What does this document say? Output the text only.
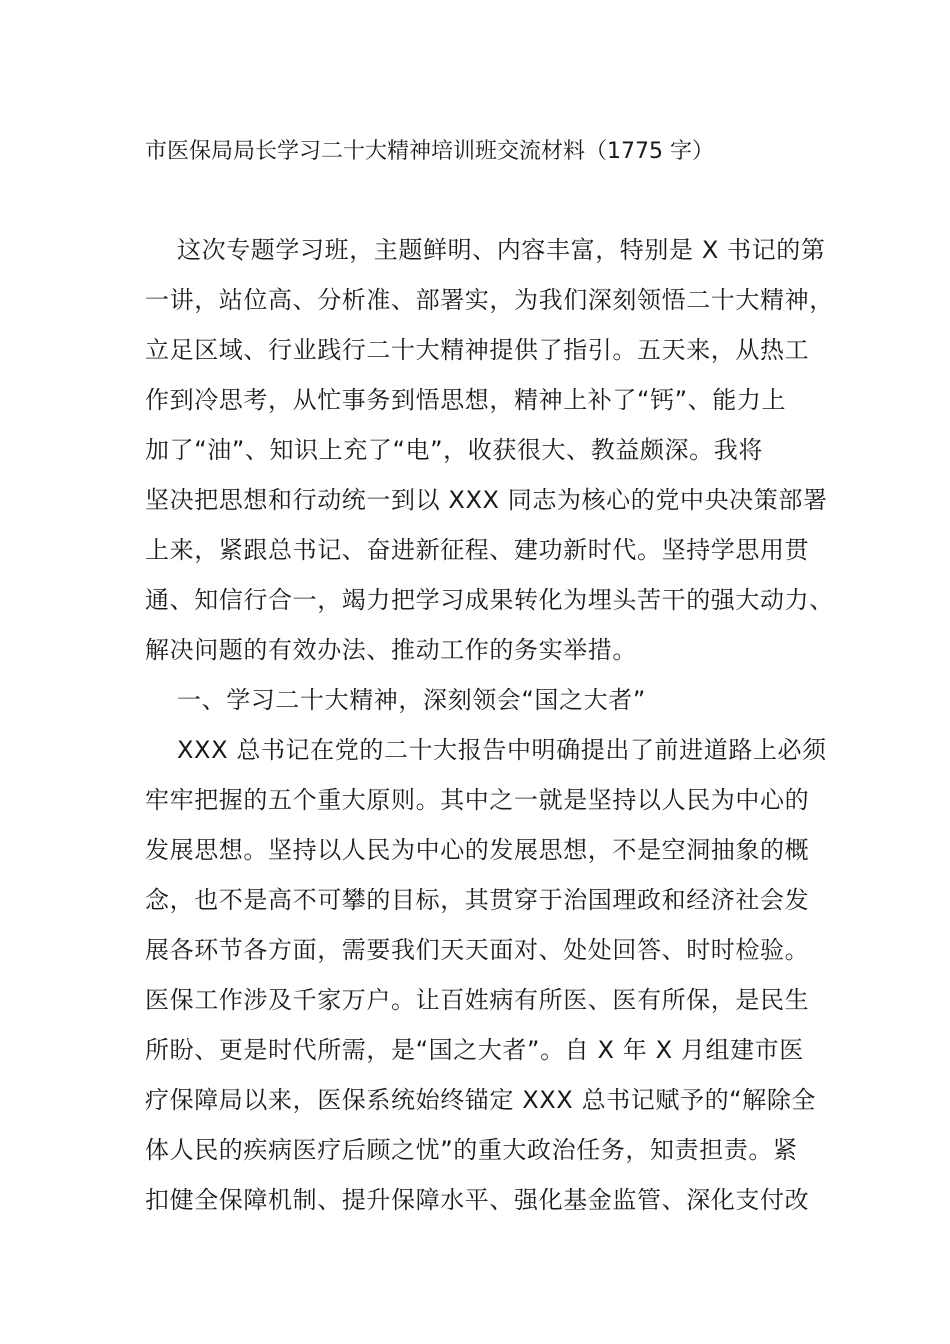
市医保局局长学习二十大精神培训班交流材料（1775 字）
这次专题学习班，主题鲜明、内容丰富，特别是 X 书记的第
一讲，站位高、分析准、部署实，为我们深刻领悟二十大精神，
立足区域、行业践行二十大精神提供了指引。五天来，从热工
作到冷思考，从忙事务到悟思想，精神上补了“钙”、能力上
加了“油”、知识上充了“电”，收获很大、教益颇深。我将
坚决把思想和行动统一到以 XXX 同志为核心的党中央决策部署
上来，紧跟总书记、奋进新征程、建功新时代。坚持学思用贯
通、知信行合一，竭力把学习成果转化为埋头苦干的强大动力、
解决问题的有效办法、推动工作的务实举措。
一、学习二十大精神，深刻领会“国之大者”
XXX 总书记在党的二十大报告中明确提出了前进道路上必须
牢牢把握的五个重大原则。其中之一就是坚持以人民为中心的
发展思想。坚持以人民为中心的发展思想，不是空洞抽象的概
念，也不是高不可攀的目标，其贯穿于治国理政和经济社会发
展各环节各方面，需要我们天天面对、处处回答、时时检验。
医保工作涉及千家万户。让百姓病有所医、医有所保，是民生
所盼、更是时代所需，是“国之大者”。自 X 年 X 月组建市医
疗保障局以来，医保系统始终锚定 XXX 总书记赋予的“解除全
体人民的疾病医疗后顾之忧”的重大政治任务，知责担责。紧
扣健全保障机制、提升保障水平、强化基金监管、深化支付改
